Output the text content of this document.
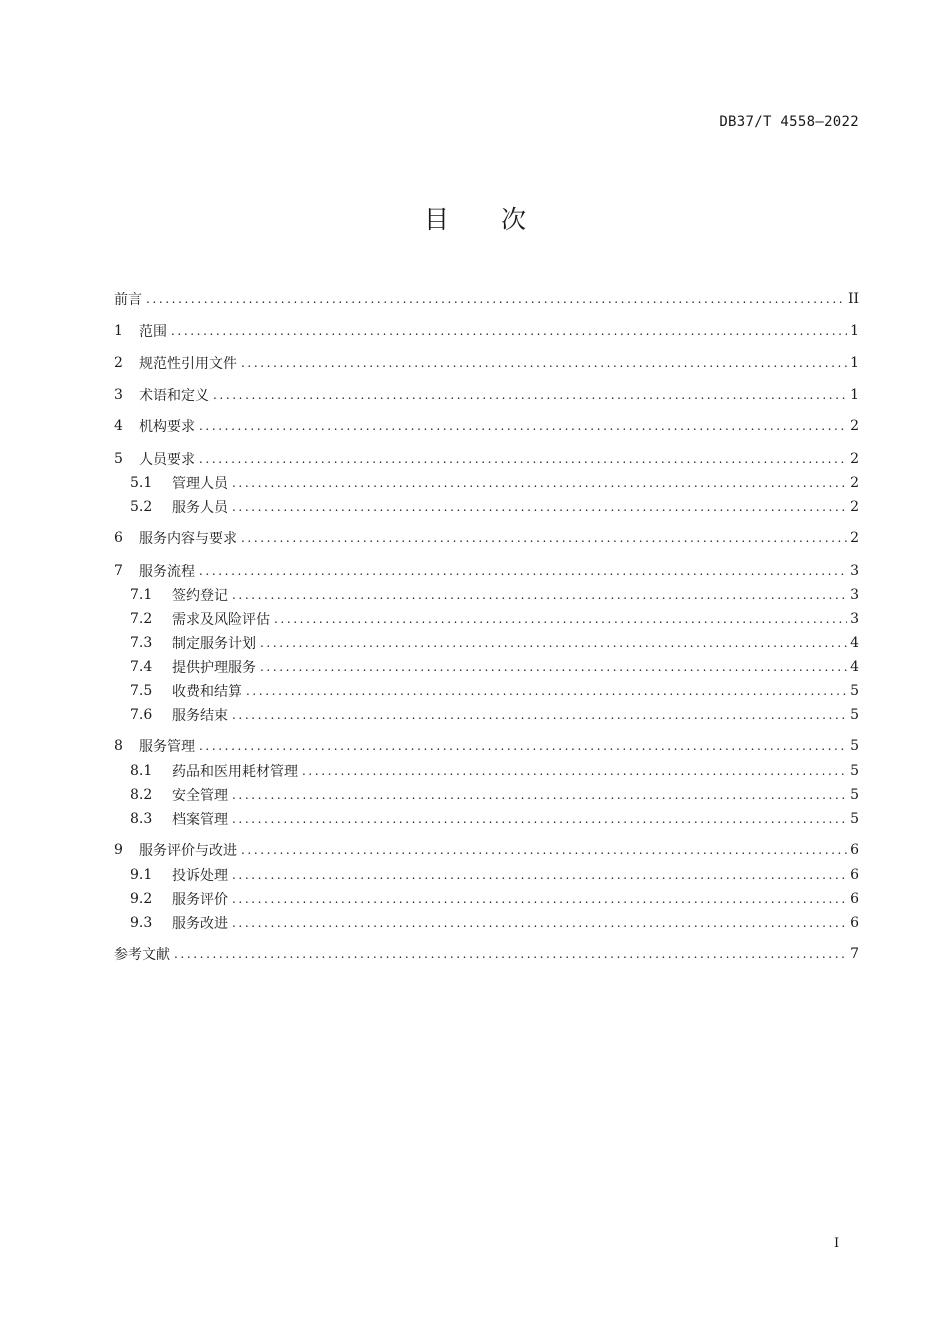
DB37/T 4558—2022
目 次
前言 .....	II
1	范围 .....	1
2	规范性引用文件 .....	1
3	术语和定义 .....	1
4	机构要求 .....	2
5	人员要求 .....	2
5.1	管理人员 .....	2
5.2	服务人员 .....	2
6	服务内容与要求 .....	2
7	服务流程 .....	3
7.1	签约登记 .....	3
7.2	需求及风险评估 .....	3
7.3	制定服务计划 .....	4
7.4	提供护理服务 .....	4
7.5	收费和结算 .....	5
7.6	服务结束 .....	5
8	服务管理 .....	5
8.1	药品和医用耗材管理 .....	5
8.2	安全管理 .....	5
8.3	档案管理 .....	5
9	服务评价与改进 .....	6
9.1	投诉处理 .....	6
9.2	服务评价 .....	6
9.3	服务改进 .....	6
参考文献 .....	7
I
